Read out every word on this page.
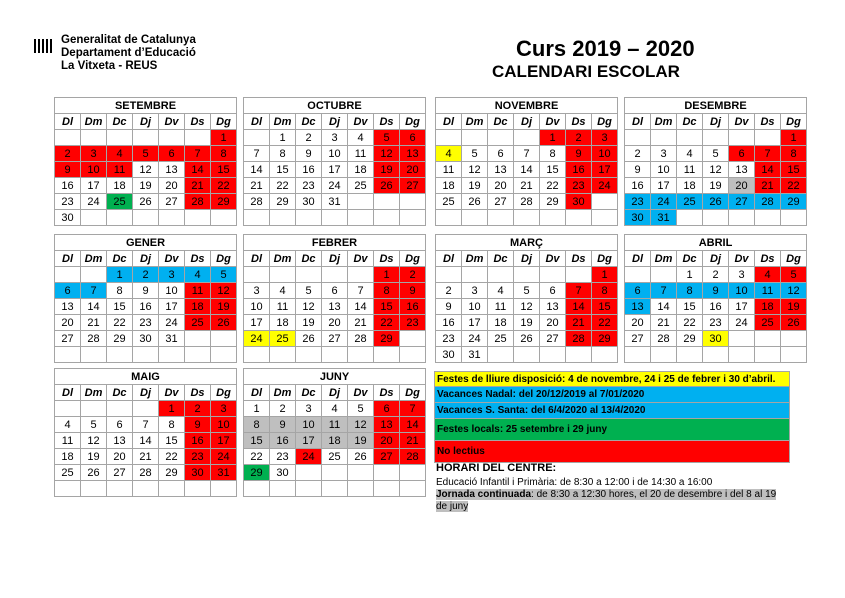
Generalitat de Catalunya
Departament d’Educació
La Vitxeta - REUS
Curs 2019 – 2020
CALENDARI ESCOLAR
SETEMBRE						
Dl	Dm	Dc	Dj	Dv	Ds	Dg
						1
2	3	4	5	6	7	8
9	10	11	12	13	14	15
16	17	18	19	20	21	22
23	24	25	26	27	28	29
30						
OCTUBRE						
Dl	Dm	Dc	Dj	Dv	Ds	Dg
	1	2	3	4	5	6
7	8	9	10	11	12	13
14	15	16	17	18	19	20
21	22	23	24	25	26	27
28	29	30	31			

NOVEMBRE						
Dl	Dm	Dc	Dj	Dv	Ds	Dg
				1	2	3
4	5	6	7	8	9	10
11	12	13	14	15	16	17
18	19	20	21	22	23	24
25	26	27	28	29	30	

DESEMBRE						
Dl	Dm	Dc	Dj	Dv	Ds	Dg
						1
2	3	4	5	6	7	8
9	10	11	12	13	14	15
16	17	18	19	20	21	22
23	24	25	26	27	28	29
30	31					
GENER						
Dl	Dm	Dc	Dj	Dv	Ds	Dg
		1	2	3	4	5
6	7	8	9	10	11	12
13	14	15	16	17	18	19
20	21	22	23	24	25	26
27	28	29	30	31		

FEBRER						
Dl	Dm	Dc	Dj	Dv	Ds	Dg
					1	2
3	4	5	6	7	8	9
10	11	12	13	14	15	16
17	18	19	20	21	22	23
24	25	26	27	28	29	

MARÇ						
Dl	Dm	Dc	Dj	Dv	Ds	Dg
						1
2	3	4	5	6	7	8
9	10	11	12	13	14	15
16	17	18	19	20	21	22
23	24	25	26	27	28	29
30	31					
ABRIL						
Dl	Dm	Dc	Dj	Dv	Ds	Dg
		1	2	3	4	5
6	7	8	9	10	11	12
13	14	15	16	17	18	19
20	21	22	23	24	25	26
27	28	29	30			

MAIG						
Dl	Dm	Dc	Dj	Dv	Ds	Dg
				1	2	3
4	5	6	7	8	9	10
11	12	13	14	15	16	17
18	19	20	21	22	23	24
25	26	27	28	29	30	31

JUNY						
Dl	Dm	Dc	Dj	Dv	Ds	Dg
1	2	3	4	5	6	7
8	9	10	11	12	13	14
15	16	17	18	19	20	21
22	23	24	25	26	27	28
29	30					

Festes de lliure disposició: 4 de novembre, 24 i 25 de febrer i 30 d’abril.
Vacances Nadal: del 20/12/2019 al 7/01/2020
Vacances S. Santa: del 6/4/2020 al 13/4/2020
Festes locals: 25 setembre i 29 juny
No lectius
HORARI DEL CENTRE:
Educació Infantil i Primària: de 8:30 a 12:00 i de 14:30 a 16:00
Jornada continuada: de 8:30 a 12:30 hores, el 20 de desembre i del 8 al 19 de juny
